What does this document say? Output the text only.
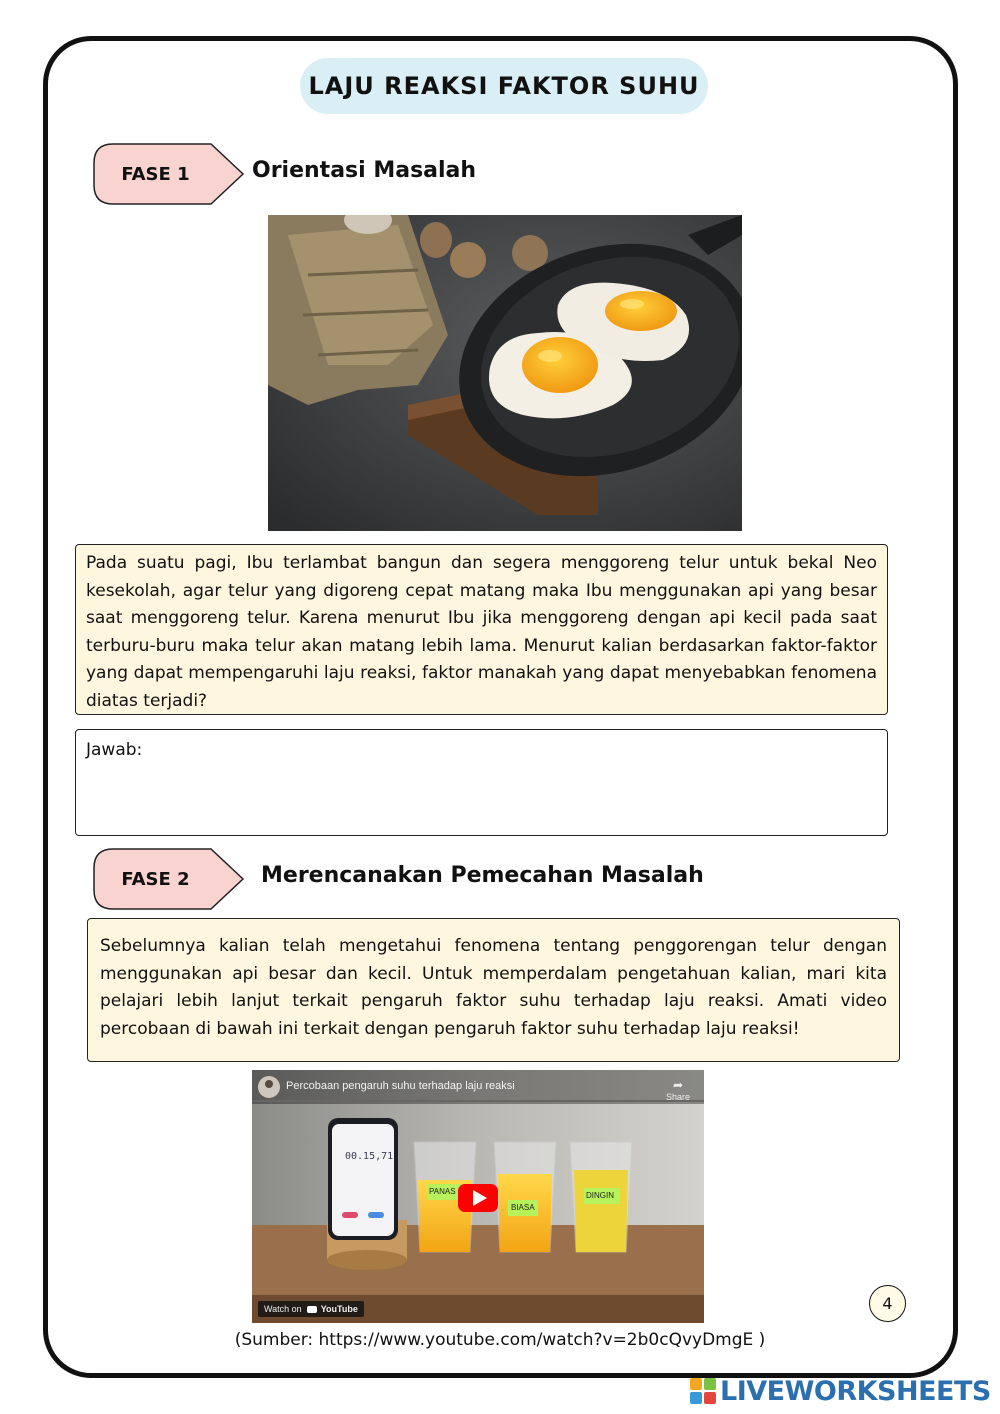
LAJU REAKSI FAKTOR SUHU
FASE 1	Orientasi Masalah
Pada suatu pagi, Ibu terlambat bangun dan segera menggoreng telur untuk bekal Neo kesekolah, agar telur yang digoreng cepat matang maka Ibu menggunakan api yang besar saat menggoreng telur. Karena menurut Ibu jika menggoreng dengan api kecil pada saat terburu-buru maka telur akan matang lebih lama. Menurut kalian berdasarkan faktor-faktor yang dapat mempengaruhi laju reaksi, faktor manakah yang dapat menyebabkan fenomena diatas terjadi?
Jawab:
FASE 2	Merencanakan Pemecahan Masalah
Sebelumnya kalian telah mengetahui fenomena tentang penggorengan telur dengan menggunakan api besar dan kecil. Untuk memperdalam pengetahuan kalian, mari kita pelajari lebih lanjut terkait pengaruh faktor suhu terhadap laju reaksi. Amati video percobaan di bawah ini terkait dengan pengaruh faktor suhu terhadap laju reaksi!
00.15,71
PANAS
BIASA
DINGIN
Percobaan pengaruh suhu terhadap laju reaksi	➦
Share
Watch on YouTube	4
(Sumber: https://www.youtube.com/watch?v=2b0cQvyDmgE )
LIVEWORKSHEETS
